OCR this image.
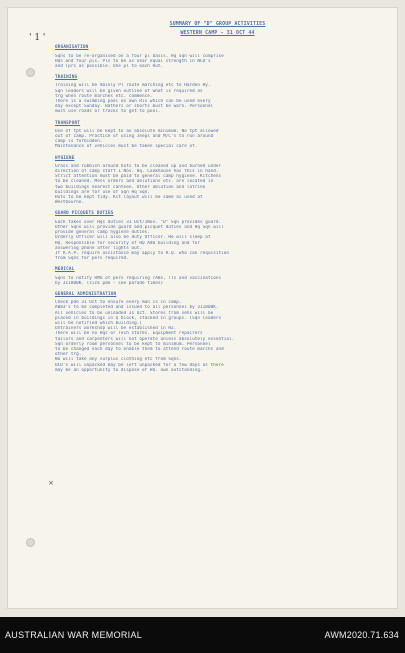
' 1 '
×
SUMMARY OF "D" GROUP ACTIVITIES
WESTERN CAMP - 31 OCT 44
ORGANISATION
Sqns to be re-organised on a four pl basis. Hq Sqn will comprise
HQs and four pls. Pls to be as near equal strength in NCO's
and Tprs as possible. One pl to each Hut.
TRAINING
Training will be mainly PT route marching etc to Harden Hy.
Sqn leaders will be given outline of what is required as
trg when route marches etc. commence.
There is a swimming pool on own Riv which can be used every
day except Sunday. Bathers or shorts must be worn. Personnel
must use roads or tracks to get to pool.
TRANSPORT
Use of tpt will be kept to an absolute minimum. No tpt allowed
out of camp. Practice of using Jeeps and M/C's to run around
camp is forbidden.
Maintenance of vehicles must be taken special care of.
HYGIENE
Grass and rubbish around huts to be cleaned up and burned under
direction of camp staff 1 Nov. Hq. Cookhouse has this in hand.
Strict attention must be paid to general camp hygiene. Kitchens
to be cleaned. Mess orders and ablutions etc. are located in
two buildings nearest canteen. Other ablution and latrine
buildings are for use of Sqn Hq Sqn.
Huts to be kept tidy. Kit layout will be same as used at
Westbourne.
GUARD PICQUETS DUTIES
Each takes over Hqs duties 31 Oct/1Nov. "D" Sqn provides guard.
Other Sqns will provide guard and picquet duties and Hq Sqn will
provide general camp hygiene duties.
Orderly Officer will also be duty Officer. He will sleep at
HQ. Responsible for security of HQ Adm building and for
answering phone after lights out.
If R.A.P. require assistance may apply to R.Q. who can requisition
from Sqns for pers required.
MEDICAL
Sqns to notify RMO of pers requiring TABs, TTs and vaccinations
by 311800K. (sick pde - see parade times)
GENERAL ADMINISTRATION
Check pde 31 Oct to ensure every man is in camp.
AB83's to be completed and issued to all personnel by 311800K.
All vehicles to be unloaded 31 Oct. Stores from vehs will be
placed in buildings in Q block, stacked in groups. (Sqn leaders
will be notified which building.)
Untrainers workshop will be established in H2.
There will be no Hqs or Tech stores. Equipment repairers
tailors and carpenters will not operate unless absolutely essential.
Sqn orderly room personnel to be kept to minimum. Personnel
to be changed each day to enable them to attend route marchs and
other trg.
No will take any surplus clothing etc from Sqns.
OCO's will unpacked may be left unpacked for a few days as there
may be an opportunity to dispose of HQ. own outstanding.
AUSTRALIAN WAR MEMORIAL	AWM2020.71.634
